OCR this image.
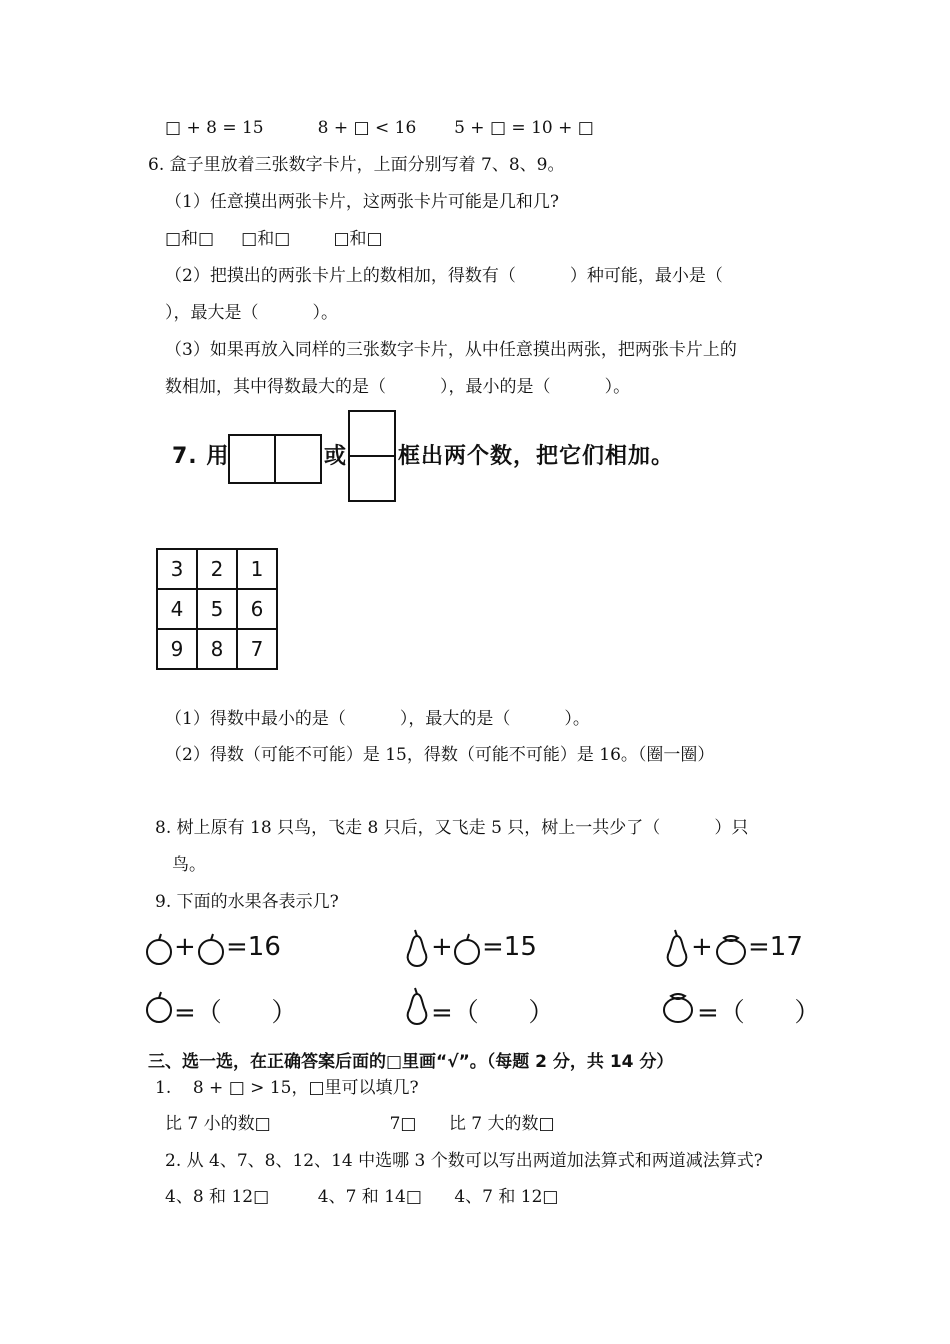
□ + 8 = 15          8 + □ < 16       5 + □ = 10 + □
6. 盒子里放着三张数字卡片，上面分别写着 7、8、9。
（1）任意摸出两张卡片，这两张卡片可能是几和几?
□和□     □和□        □和□
（2）把摸出的两张卡片上的数相加，得数有（          ）种可能，最小是（
），最大是（          ）。
（3）如果再放入同样的三张数字卡片，从中任意摸出两张，把两张卡片上的
数相加，其中得数最大的是（          ），最小的是（          ）。
7. 用	或 框出两个数，把它们相加。
3	2	1
4	5	6
9	8	7
（1）得数中最小的是（          ），最大的是（          ）。
（2）得数（可能不可能）是 15，得数（可能不可能）是 16。（圈一圈）
8. 树上原有 18 只鸟，飞走 8 只后，又飞走 5 只，树上一共少了（          ）只
鸟。
9. 下面的水果各表示几?
+ =16	+ =15	+ =17
=（      ）	=（      ）	=（      ）
三、选一选，在正确答案后面的□里画“√”。（每题 2 分，共 14 分）
1.    8 + □ > 15，□里可以填几?
比 7 小的数□                      7□      比 7 大的数□
2. 从 4、7、8、12、14 中选哪 3 个数可以写出两道加法算式和两道减法算式?
4、8 和 12□         4、7 和 14□      4、7 和 12□
